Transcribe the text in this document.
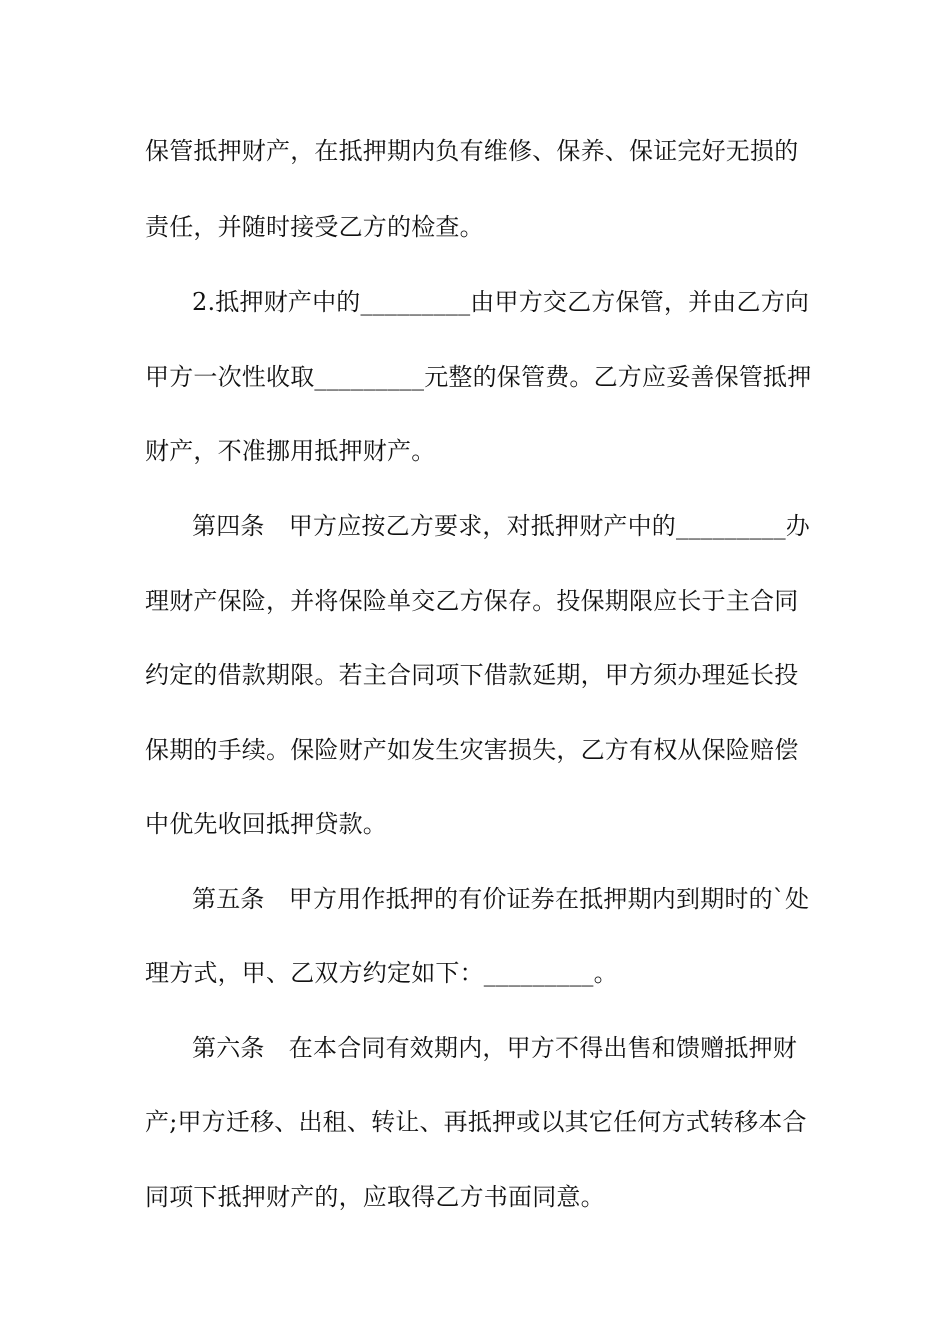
保管抵押财产，在抵押期内负有维修、保养、保证完好无损的
责任，并随时接受乙方的检查。
2.抵押财产中的_________由甲方交乙方保管，并由乙方向
甲方一次性收取_________元整的保管费。乙方应妥善保管抵押
财产，不准挪用抵押财产。
第四条　甲方应按乙方要求，对抵押财产中的_________办
理财产保险，并将保险单交乙方保存。投保期限应长于主合同
约定的借款期限。若主合同项下借款延期，甲方须办理延长投
保期的手续。保险财产如发生灾害损失，乙方有权从保险赔偿
中优先收回抵押贷款。
第五条　甲方用作抵押的有价证券在抵押期内到期时的`处
理方式，甲、乙双方约定如下：_________。
第六条　在本合同有效期内，甲方不得出售和馈赠抵押财
产;甲方迁移、出租、转让、再抵押或以其它任何方式转移本合
同项下抵押财产的，应取得乙方书面同意。
